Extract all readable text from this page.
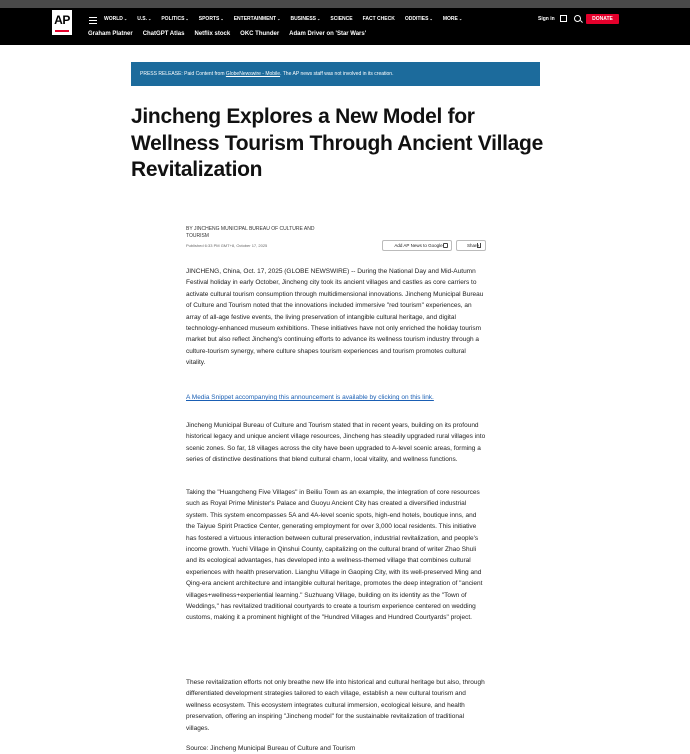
AP	WORLD⌄ U.S.⌄ POLITICS⌄ SPORTS⌄ ENTERTAINMENT⌄ BUSINESS⌄ SCIENCE FACT CHECK ODDITIES⌄ MORE⌄	Sign in	DONATE
Graham Platner ChatGPT Atlas Netflix stock OKC Thunder Adam Driver on 'Star Wars'
PRESS RELEASE: Paid Content from GlobeNewswire - Mobile. The AP news staff was not involved in its creation.
Jincheng Explores a New Model for Wellness Tourism Through Ancient Village Revitalization
BY JINCHENG MUNICIPAL BUREAU OF CULTURE AND TOURISM
Published 6:33 PM GMT+8, October 17, 2025	Add AP News to Google	Share

JINCHENG, China, Oct. 17, 2025 (GLOBE NEWSWIRE) -- During the National Day and Mid-Autumn Festival holiday in early October, Jincheng city took its ancient villages and castles as core carriers to activate cultural tourism consumption through multidimensional innovations. Jincheng Municipal Bureau of Culture and Tourism noted that the innovations included immersive "red tourism" experiences, an array of all-age festive events, the living preservation of intangible cultural heritage, and digital technology-enhanced museum exhibitions. These initiatives have not only enriched the holiday tourism market but also reflect Jincheng's continuing efforts to advance its wellness tourism industry through a culture-tourism synergy, where culture shapes tourism experiences and tourism promotes cultural vitality.

A Media Snippet accompanying this announcement is available by clicking on this link.

Jincheng Municipal Bureau of Culture and Tourism stated that in recent years, building on its profound historical legacy and unique ancient village resources, Jincheng has steadily upgraded rural villages into scenic zones. So far, 18 villages across the city have been upgraded to A-level scenic areas, forming a series of distinctive destinations that blend cultural charm, local vitality, and wellness functions.

Taking the "Huangcheng Five Villages" in Beiliu Town as an example, the integration of core resources such as Royal Prime Minister's Palace and Guoyu Ancient City has created a diversified industrial system. This system encompasses 5A and 4A-level scenic spots, high-end hotels, boutique inns, and the Taiyue Spirit Practice Center, generating employment for over 3,000 local residents. This initiative has fostered a virtuous interaction between cultural preservation, industrial revitalization, and people's income growth. Yuchi Village in Qinshui County, capitalizing on the cultural brand of writer Zhao Shuli and its ecological advantages, has developed into a wellness-themed village that combines cultural experiences with health preservation. Lianghu Village in Gaoping City, with its well-preserved Ming and Qing-era ancient architecture and intangible cultural heritage, promotes the deep integration of "ancient villages+wellness+experiential learning." Suzhuang Village, building on its identity as the "Town of Weddings," has revitalized traditional courtyards to create a tourism experience centered on wedding customs, making it a prominent highlight of the "Hundred Villages and Hundred Courtyards" project.

These revitalization efforts not only breathe new life into historical and cultural heritage but also, through differentiated development strategies tailored to each village, establish a new cultural tourism and wellness ecosystem. This ecosystem integrates cultural immersion, ecological leisure, and health preservation, offering an inspiring "Jincheng model" for the sustainable revitalization of traditional villages.

Source: Jincheng Municipal Bureau of Culture and Tourism
